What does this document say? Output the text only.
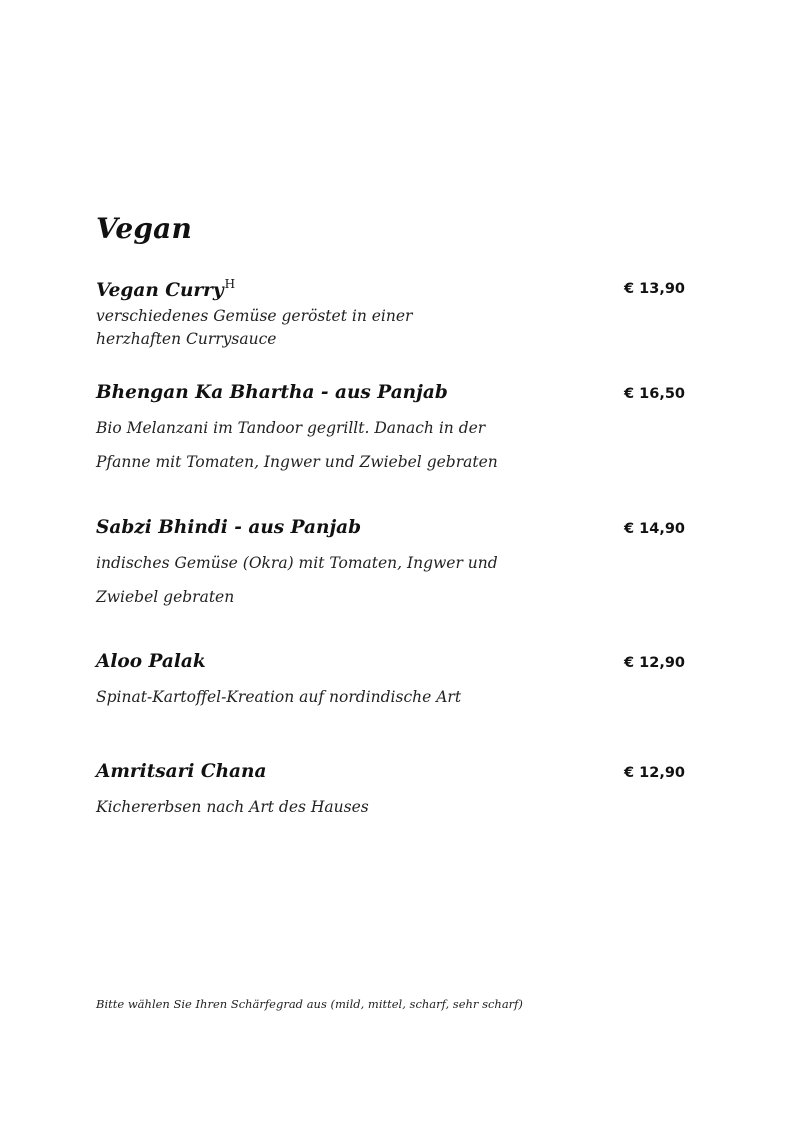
Vegan
Vegan Curry$^H$	€ 13,90
verschiedenes Gemüse geröstet in einer
herzhaften Currysauce
Bhengan Ka Bhartha - aus Panjab	€ 16,50
Bio Melanzani im Tandoor gegrillt. Danach in der
Pfanne mit Tomaten, Ingwer und Zwiebel gebraten
Sabzi Bhindi - aus Panjab	€ 14,90
indisches Gemüse (Okra) mit Tomaten, Ingwer und
Zwiebel gebraten
Aloo Palak	€ 12,90
Spinat-Kartoffel-Kreation auf nordindische Art
Amritsari Chana	€ 12,90
Kichererbsen nach Art des Hauses
Bitte wählen Sie Ihren Schärfegrad aus (mild, mittel, scharf, sehr scharf)
